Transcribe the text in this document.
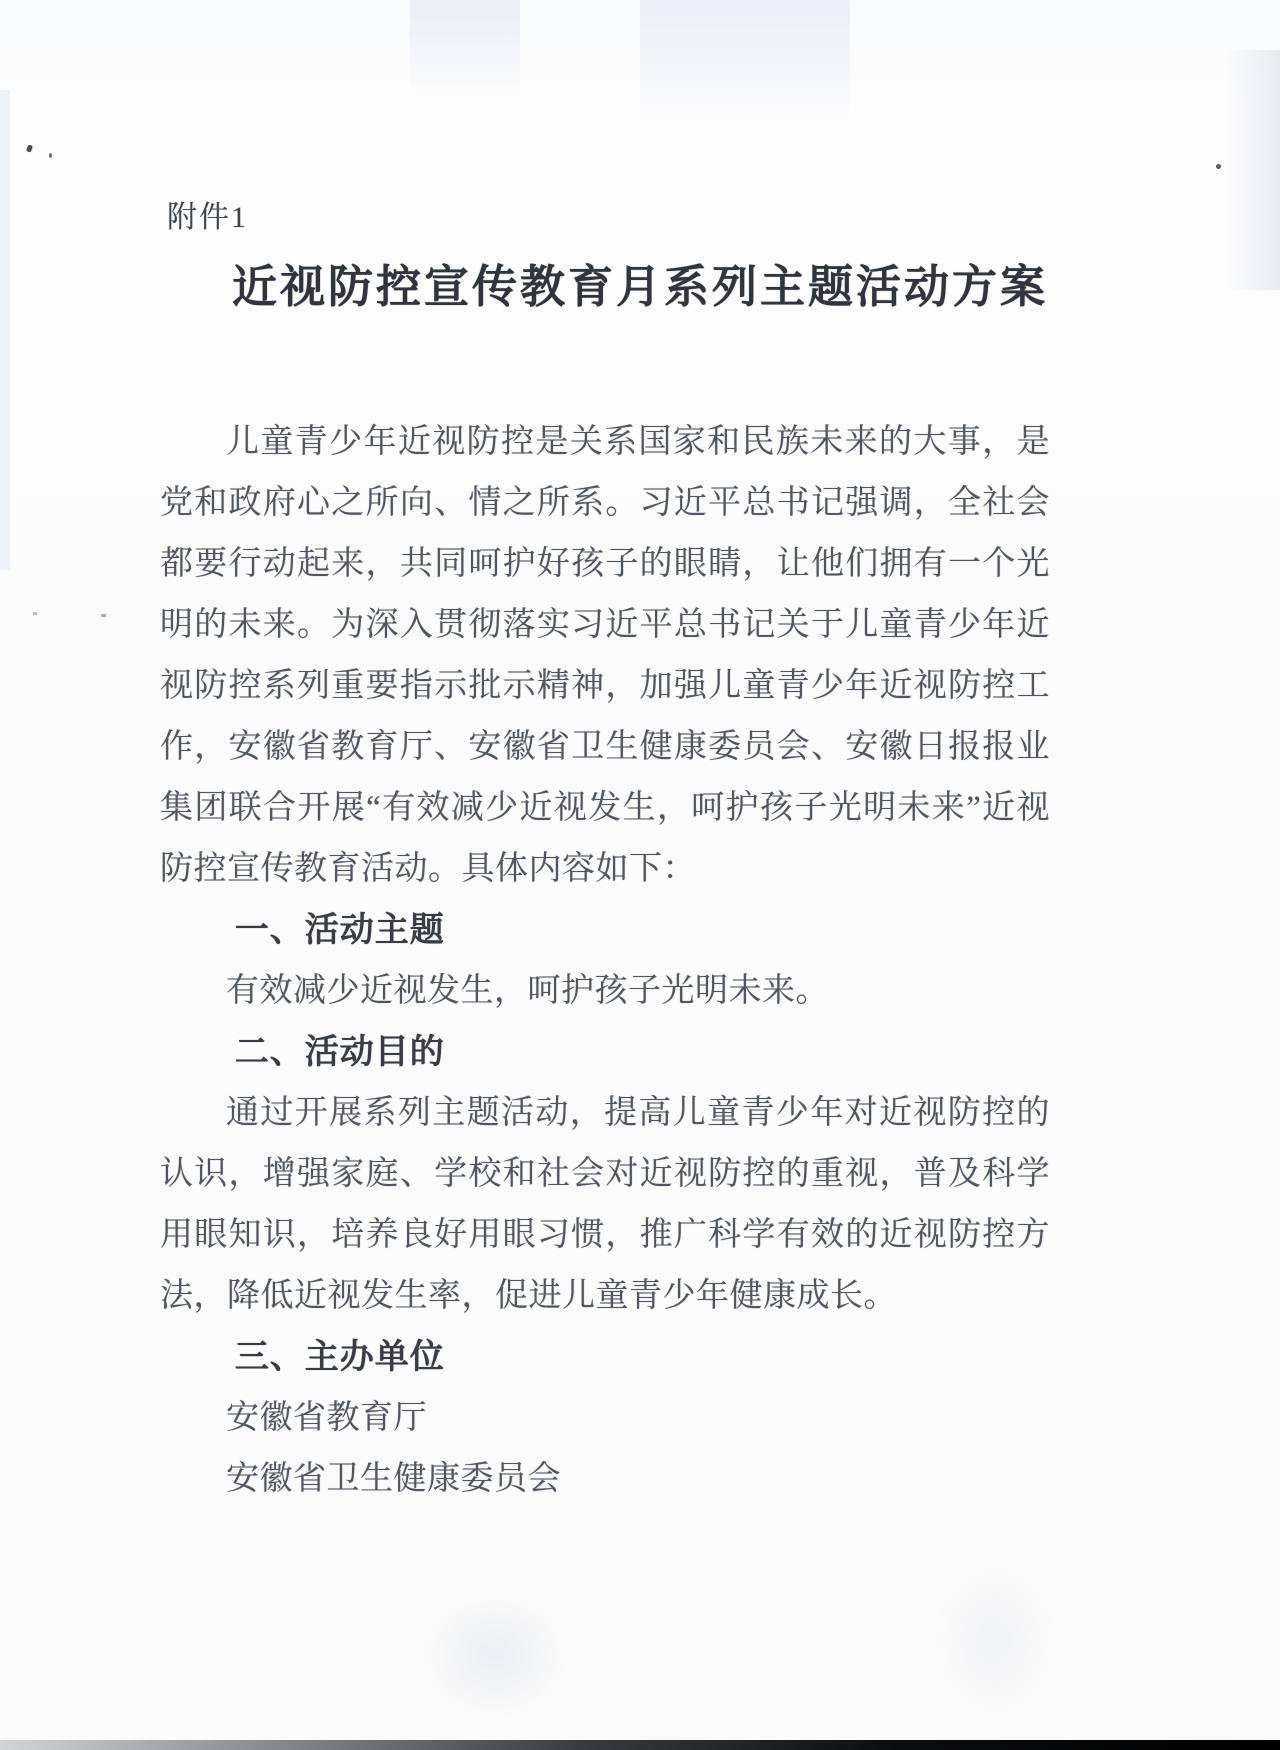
附件1
近视防控宣传教育月系列主题活动方案

儿童青少年近视防控是关系国家和民族未来的大事，是党和政府心之所向、情之所系。习近平总书记强调，全社会都要行动起来，共同呵护好孩子的眼睛，让他们拥有一个光明的未来。为深入贯彻落实习近平总书记关于儿童青少年近视防控系列重要指示批示精神，加强儿童青少年近视防控工作，安徽省教育厅、安徽省卫生健康委员会、安徽日报报业集团联合开展“有效减少近视发生，呵护孩子光明未来”近视防控宣传教育活动。具体内容如下：

一、活动主题

有效减少近视发生，呵护孩子光明未来。

二、活动目的

通过开展系列主题活动，提高儿童青少年对近视防控的认识，增强家庭、学校和社会对近视防控的重视，普及科学用眼知识，培养良好用眼习惯，推广科学有效的近视防控方法，降低近视发生率，促进儿童青少年健康成长。

三、主办单位

安徽省教育厅

安徽省卫生健康委员会
